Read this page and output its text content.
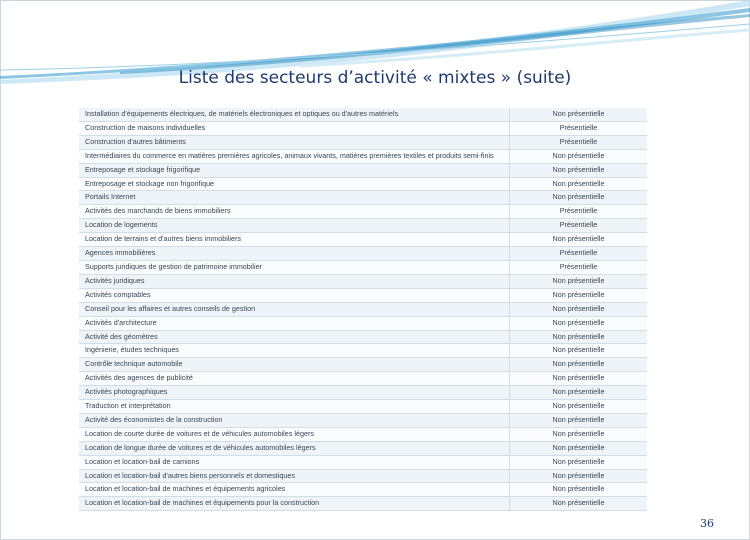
Liste des secteurs d’activité « mixtes » (suite)
Installation d'équipements électriques, de matériels électroniques et optiques ou d'autres matériels	Non présentielle
Construction de maisons individuelles	Présentielle
Construction d'autres bâtiments	Présentielle
Intermédiaires du commerce en matières premières agricoles, animaux vivants, matières premières textiles et produits semi-finis	Non présentielle
Entreposage et stockage frigorifique	Non présentielle
Entreposage et stockage non frigorifique	Non présentielle
Portails Internet	Non présentielle
Activités des marchands de biens immobiliers	Présentielle
Location de logements	Présentielle
Location de terrains et d'autres biens immobiliers	Non présentielle
Agences immobilières	Présentielle
Supports juridiques de gestion de patrimoine immobilier	Présentielle
Activités juridiques	Non présentielle
Activités comptables	Non présentielle
Conseil pour les affaires et autres conseils de gestion	Non présentielle
Activités d'architecture	Non présentielle
Activité des géomètres	Non présentielle
Ingénierie, études techniques	Non présentielle
Contrôle technique automobile	Non présentielle
Activités des agences de publicité	Non présentielle
Activités photographiques	Non présentielle
Traduction et interprétation	Non présentielle
Activité des économistes de la construction	Non présentielle
Location de courte durée de voitures et de véhicules automobiles légers	Non présentielle
Location de longue durée de voitures et de véhicules automobiles légers	Non présentielle
Location et location-bail de camions	Non présentielle
Location et location-bail d'autres biens personnels et domestiques	Non présentielle
Location et location-bail de machines et équipements agricoles	Non présentielle
Location et location-bail de machines et équipements pour la construction	Non présentielle
36
